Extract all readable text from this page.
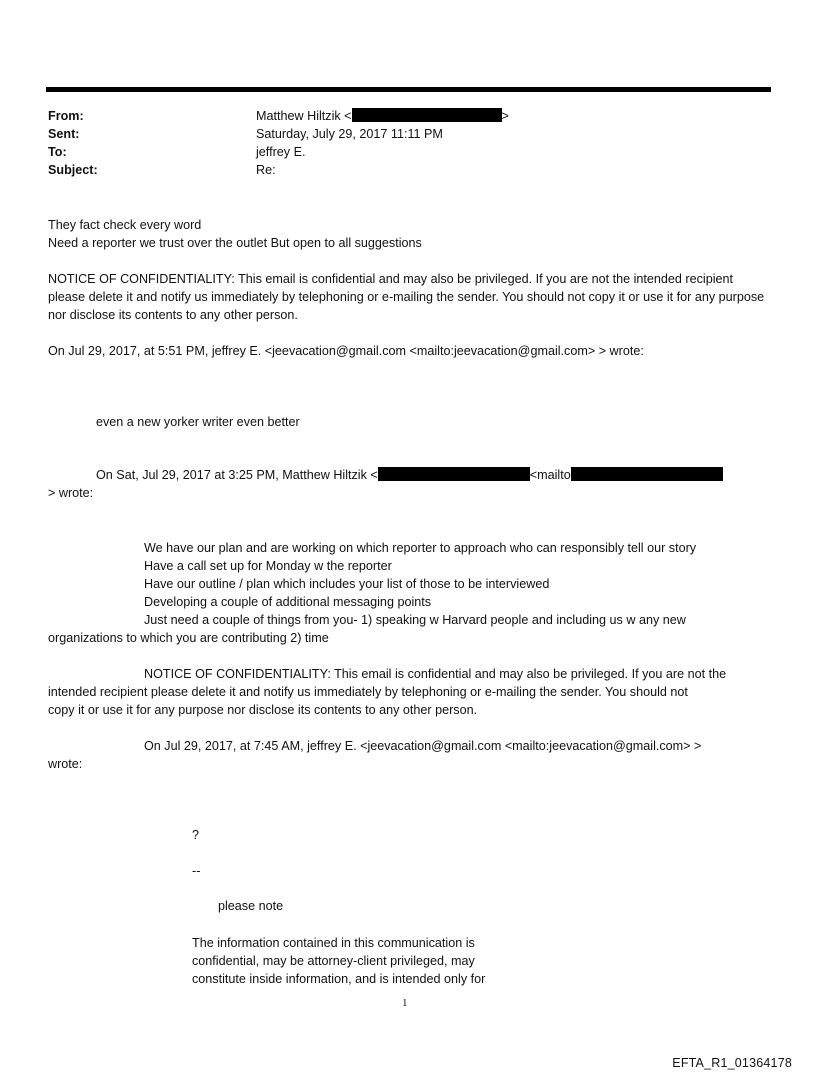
From:	Matthew Hiltzik <	>
Sent:	Saturday, July 29, 2017 11:11 PM
To:	jeffrey E.
Subject:	Re:
They fact check every word
Need a reporter we trust over the outlet But open to all suggestions
NOTICE OF CONFIDENTIALITY: This email is confidential and may also be privileged. If you are not the intended recipient please delete it and notify us immediately by telephoning or e-mailing the sender. You should not copy it or use it for any purpose nor disclose its contents to any other person.
On Jul 29, 2017, at 5:51 PM, jeffrey E. <jeevacation@gmail.com <mailto:jeevacation@gmail.com> > wrote:
even a new yorker writer even better
On Sat, Jul 29, 2017 at 3:25 PM, Matthew Hiltzik <	<mailto
> wrote:
We have our plan and are working on which reporter to approach who can responsibly tell our story
Have a call set up for Monday w the reporter
Have our outline / plan which includes your list of those to be interviewed
Developing a couple of additional messaging points
Just need a couple of things from you- 1) speaking w Harvard people and including us w any new
organizations to which you are contributing 2) time
NOTICE OF CONFIDENTIALITY: This email is confidential and may also be privileged. If you are not the
intended recipient please delete it and notify us immediately by telephoning or e-mailing the sender. You should not
copy it or use it for any purpose nor disclose its contents to any other person.
On Jul 29, 2017, at 7:45 AM, jeffrey E. <jeevacation@gmail.com <mailto:jeevacation@gmail.com> >
wrote:
?
--
please note
The information contained in this communication is
confidential, may be attorney-client privileged, may
constitute inside information, and is intended only for
1
EFTA_R1_01364178
